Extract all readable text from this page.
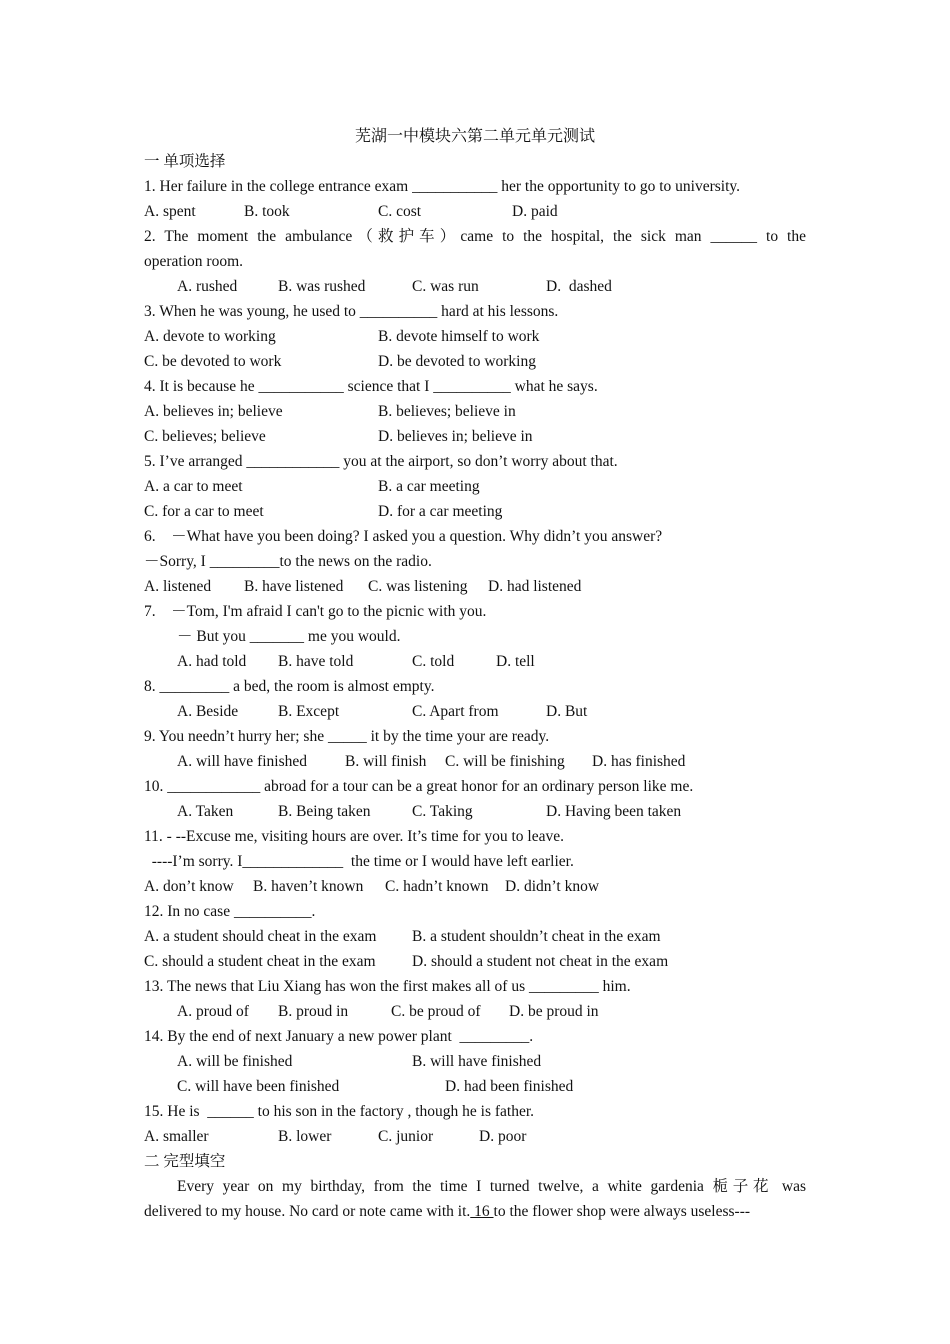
芜湖一中模块六第二单元单元测试
一 单项选择
1. Her failure in the college entrance exam ___________ her the opportunity to go to university.

A. spent

	B. took

	C. cost

	D. paid

2. The moment the ambulance（救护车）came to the hospital, the sick man ______ to the
operation room.

A. rushed

	B. was rushed

	C. was run

	D.  dashed

3. When he was young, he used to __________ hard at his lessons.

A. devote to working

	B. devote himself to work

C. be devoted to work

	D. be devoted to working

4. It is because he ___________ science that I __________ what he says.

A. believes in; believe

	B. believes; believe in

C. believes; believe

	D. believes in; believe in

5. I’ve arranged ____________ you at the airport, so don’t worry about that.

A. a car to meet

	B. a car meeting

C. for a car to meet

	D. for a car meeting

6.    －What have you been doing? I asked you a question. Why didn’t you answer?
－Sorry, I _________to the news on the radio.

A. listened

B. have listened

C. was listening

D. had listened

7.    －Tom, I'm afraid I can't go to the picnic with you.
－ But you _______ me you would.

A. had told

B. have told

	C. told

	D. tell

8. _________ a bed, the room is almost empty.

A. Beside

	B. Except

	C. Apart from

	D. But

9. You needn’t hurry her; she _____ it by the time your are ready.

A. will have finished

B. will finish

C. will be finishing

D. has finished

10. ____________ abroad for a tour can be a great honor for an ordinary person like me.

A. Taken

	B. Being taken

	C. Taking

	D. Having been taken

11. - --Excuse me, visiting hours are over. It’s time for you to leave.
----I’m sorry. I_____________  the time or I would have left earlier.

A. don’t know

B. haven’t known

C. hadn’t known

D. didn’t know

12. In no case __________.

A. a student should cheat in the exam

B. a student shouldn’t cheat in the exam

C. should a student cheat in the exam

D. should a student not cheat in the exam

13. The news that Liu Xiang has won the first makes all of us _________ him.

A. proud of

B. proud in

	C. be proud of

D. be proud in

14. By the end of next January a new power plant  _________.

A. will be finished

	B. will have finished

C. will have been finished

	D. had been finished

15. He is  ______ to his son in the factory , though he is father.

A. smaller

	B. lower

	C. junior

	D. poor

二 完型填空
Every year on my birthday, from the time I turned twelve, a white gardenia 栀子花 was
delivered to my house. No card or note came with it. 16 to the flower shop were always useless---
